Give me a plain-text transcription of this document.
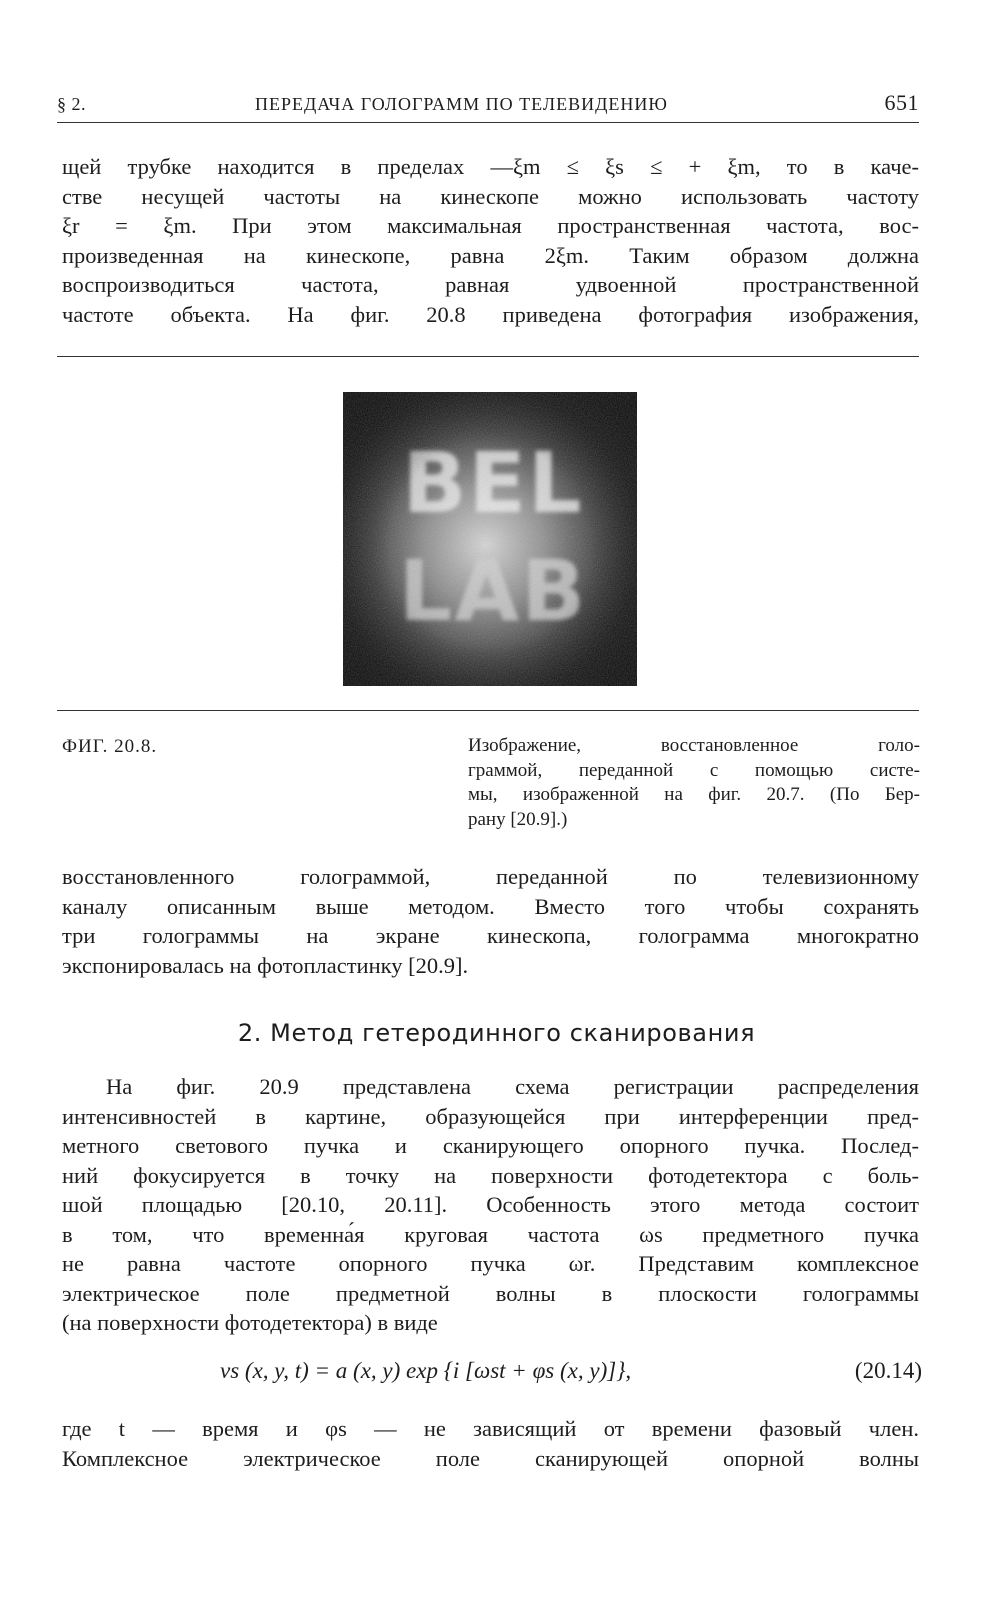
§ 2.	ПЕРЕДАЧА ГОЛОГРАММ ПО ТЕЛЕВИДЕНИЮ	651
щей трубке находится в пределах —ξm ≤ ξs ≤ + ξm, то в каче-
стве несущей частоты на кинескопе можно использовать частоту
ξr = ξm. При этом максимальная пространственная частота, вос-
произведенная на кинескопе, равна 2ξm. Таким образом должна
воспроизводиться частота, равная удвоенной пространственной
частоте объекта. На фиг. 20.8 приведена фотография изображения,
ФИГ. 20.8.	Изображение, восстановленное голо-
граммой, переданной с помощью систе-
мы, изображенной на фиг. 20.7. (По Бер-
рану [20.9].)
восстановленного голограммой, переданной по телевизионному
каналу описанным выше методом. Вместо того чтобы сохранять
три голограммы на экране кинескопа, голограмма многократно
экспонировалась на фотопластинку [20.9].
2. Метод гетеродинного сканирования
На фиг. 20.9 представлена схема регистрации распределения
интенсивностей в картине, образующейся при интерференции пред-
метного светового пучка и сканирующего опорного пучка. Послед-
ний фокусируется в точку на поверхности фотодетектора с боль-
шой площадью [20.10, 20.11]. Особенность этого метода состоит
в том, что временна́я круговая частота ωs предметного пучка
не равна частоте опорного пучка ωr. Представим комплексное
электрическое поле предметной волны в плоскости голограммы
(на поверхности фотодетектора) в виде
vs (x, y, t) = a (x, y) exp {i [ωst + φs (x, y)]},	(20.14)
где t — время и φs — не зависящий от времени фазовый член.
Комплексное электрическое поле сканирующей опорной волны
